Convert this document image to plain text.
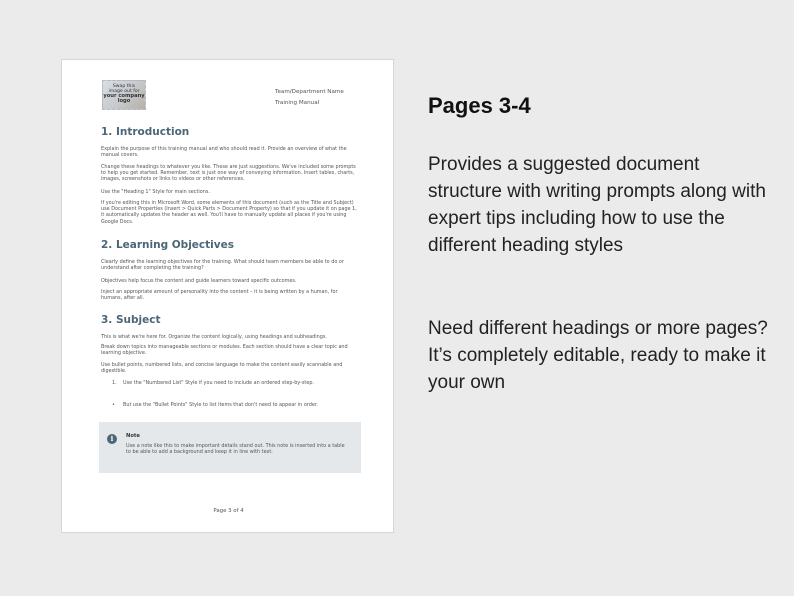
Swap this
image out for
your company
logo
Team/Department Name
Training Manual
1. Introduction

Explain the purpose of this training manual and who should read it. Provide an overview of what the manual covers.

Change these headings to whatever you like. These are just suggestions. We've included some prompts to help you get started. Remember, text is just one way of conveying information. Insert tables, charts, images, screenshots or links to videos or other references.

Use the "Heading 1" Style for main sections.

If you're editing this in Microsoft Word, some elements of this document (such as the Title and Subject) use Document Properties (Insert > Quick Parts > Document Property) so that if you update it on page 1, it automatically updates the header as well. You'll have to manually update all places if you're using Google Docs.

2. Learning Objectives

Clearly define the learning objectives for the training. What should team members be able to do or understand after completing the training?

Objectives help focus the content and guide learners toward specific outcomes.

Inject an appropriate amount of personality into the content – it is being written by a human, for humans, after all.

3. Subject

This is what we're here for. Organize the content logically, using headings and subheadings.

Break down topics into manageable sections or modules. Each section should have a clear topic and learning objective.

Use bullet points, numbered lists, and concise language to make the content easily scannable and digestible.

1. Use the "Numbered List" Style if you need to include an ordered step-by-step.
• But use the "Bullet Points" Style to list items that don't need to appear in order.
i	Note
Use a note like this to make important details stand out. This note is inserted into a table to be able to add a background and keep it in line with text.
Page 3 of 4
Pages 3-4

Provides a suggested document structure with writing prompts along with expert tips including how to use the different heading styles

Need different headings or more pages? It’s completely editable, ready to make it your own
